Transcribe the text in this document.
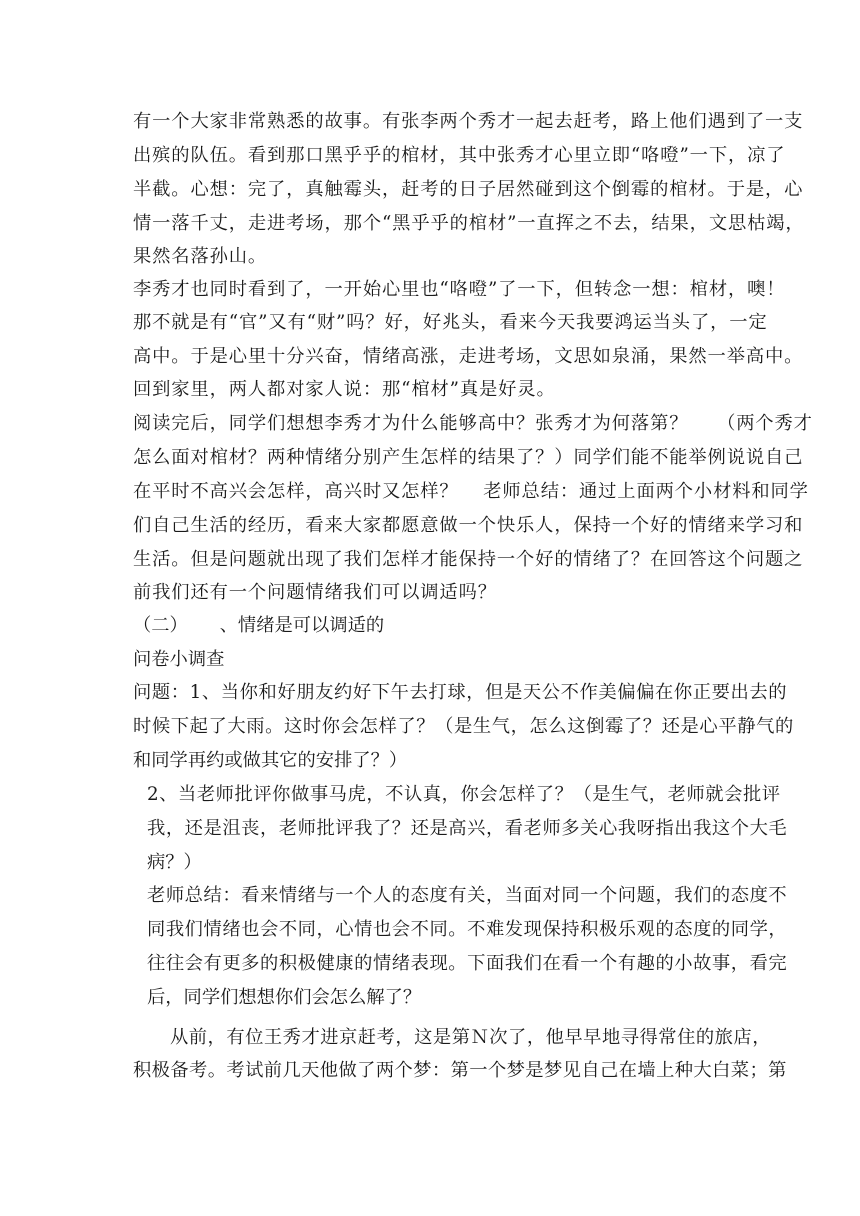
有一个大家非常熟悉的故事。有张李两个秀才一起去赶考，路上他们遇到了一支
出殡的队伍。看到那口黑乎乎的棺材，其中张秀才心里立即“咯噔”一下，凉了
半截。心想：完了，真触霉头，赶考的日子居然碰到这个倒霉的棺材。于是，心
情一落千丈，走进考场，那个“黑乎乎的棺材”一直挥之不去，结果，文思枯竭，
果然名落孙山。
李秀才也同时看到了，一开始心里也“咯噔”了一下，但转念一想：棺材，噢！
那不就是有“官”又有“财”吗？好，好兆头，看来今天我要鸿运当头了，一定
高中。于是心里十分兴奋，情绪高涨，走进考场，文思如泉涌，果然一举高中。
回到家里，两人都对家人说：那“棺材”真是好灵。
阅读完后，同学们想想李秀才为什么能够高中？张秀才为何落第？ （两个秀才
怎么面对棺材？两种情绪分别产生怎样的结果了？）同学们能不能举例说说自己
在平时不高兴会怎样，高兴时又怎样？ 老师总结：通过上面两个小材料和同学
们自己生活的经历，看来大家都愿意做一个快乐人，保持一个好的情绪来学习和
生活。但是问题就出现了我们怎样才能保持一个好的情绪了？在回答这个问题之
前我们还有一个问题情绪我们可以调适吗？
（二） 、情绪是可以调适的
问卷小调查
问题：1、当你和好朋友约好下午去打球，但是天公不作美偏偏在你正要出去的
时候下起了大雨。这时你会怎样了？（是生气，怎么这倒霉了？还是心平静气的
和同学再约或做其它的安排了？）
2、当老师批评你做事马虎，不认真，你会怎样了？（是生气，老师就会批评
我，还是沮丧，老师批评我了？还是高兴，看老师多关心我呀指出我这个大毛
病？）
老师总结：看来情绪与一个人的态度有关，当面对同一个问题，我们的态度不
同我们情绪也会不同，心情也会不同。不难发现保持积极乐观的态度的同学，
往往会有更多的积极健康的情绪表现。下面我们在看一个有趣的小故事，看完
后，同学们想想你们会怎么解了？
从前，有位王秀才进京赶考，这是第Ｎ次了，他早早地寻得常住的旅店，
积极备考。考试前几天他做了两个梦：第一个梦是梦见自己在墙上种大白菜；第
